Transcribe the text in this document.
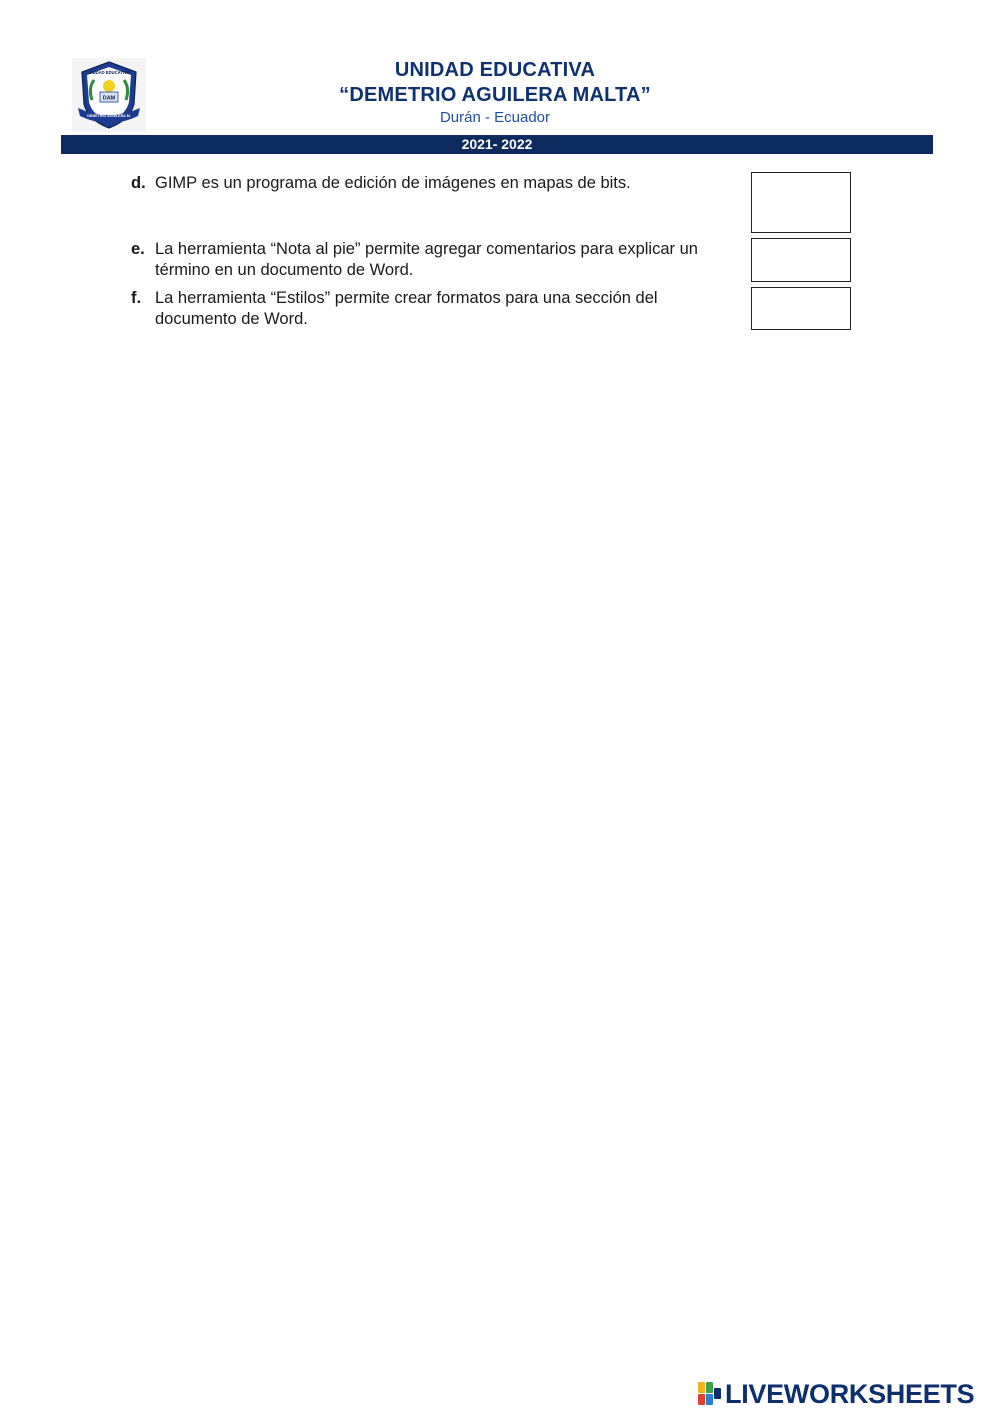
UNIDAD EDUCATIVA
DAM
DEMETRIO AGUILERA M.
UNIDAD EDUCATIVA
“DEMETRIO AGUILERA MALTA”
Durán - Ecuador
2021- 2022
d. GIMP es un programa de edición de imágenes en mapas de bits.
e. La herramienta “Nota al pie” permite agregar comentarios para explicar un término en un documento de Word.
f. La herramienta “Estilos” permite crear formatos para una sección del documento de Word.
LIVEWORKSHEETS
